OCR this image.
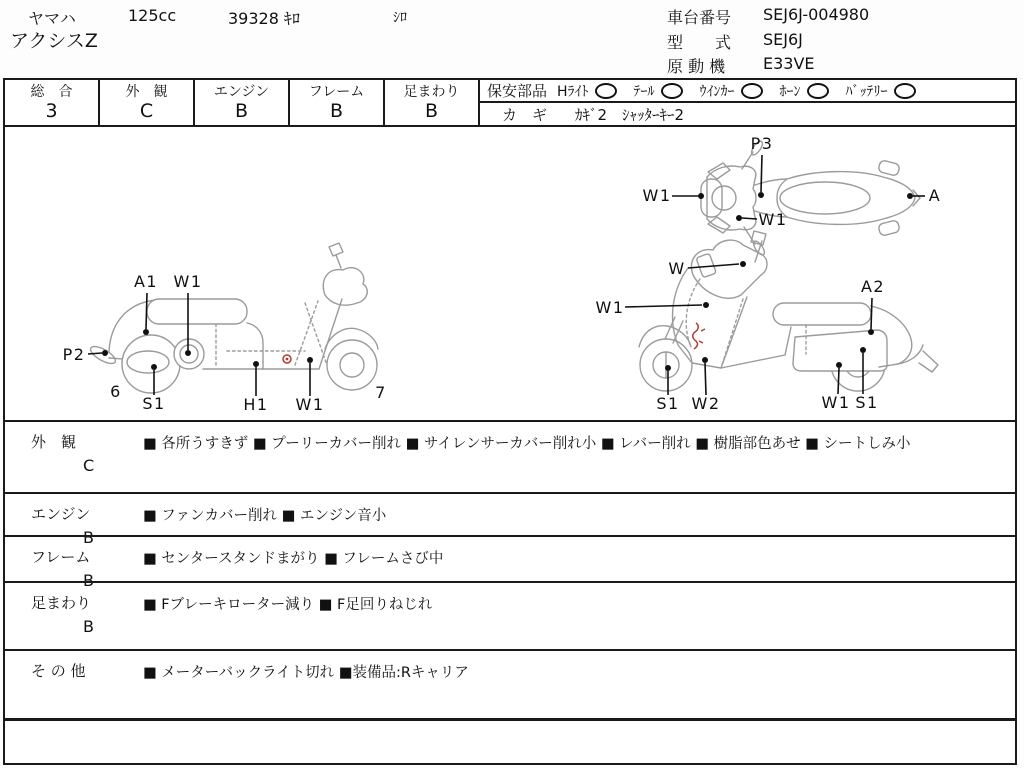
ヤマハ	125cc	39328 ｷﾛ	ｼﾛ
アクシスZ
車台番号	SEJ6J-004980
型　　式	SEJ6J
原 動 機	E33VE
総　合
3
外　観
C
エンジン
B
フレーム
B
足まわり
B
保安部品 Hﾗｲﾄ	ﾃｰﾙ	ｳｲﾝｶｰ	ﾎｰﾝ	ﾊﾞｯﾃﾘｰ
カ　ギ ｶｷﾞ2　ｼｬｯﾀｰｷｰ2
P3
W1
W1
A
A1 W1
P2
6
S1	H1 W1
7
W
W1
A2
S1 W2	W1 S1
外　観
C
■ 各所うすきず ■ プーリーカバー削れ ■ サイレンサーカバー削れ小 ■ レバー削れ ■ 樹脂部色あせ ■ シートしみ小
エンジン
B
■ ファンカバー削れ ■ エンジン音小
フレーム
B
■ センタースタンドまがり ■ フレームさび中
足まわり
B
■ Fブレーキローター減り ■ F足回りねじれ
そ の 他	■ メーターバックライト切れ ■装備品:Rキャリア
